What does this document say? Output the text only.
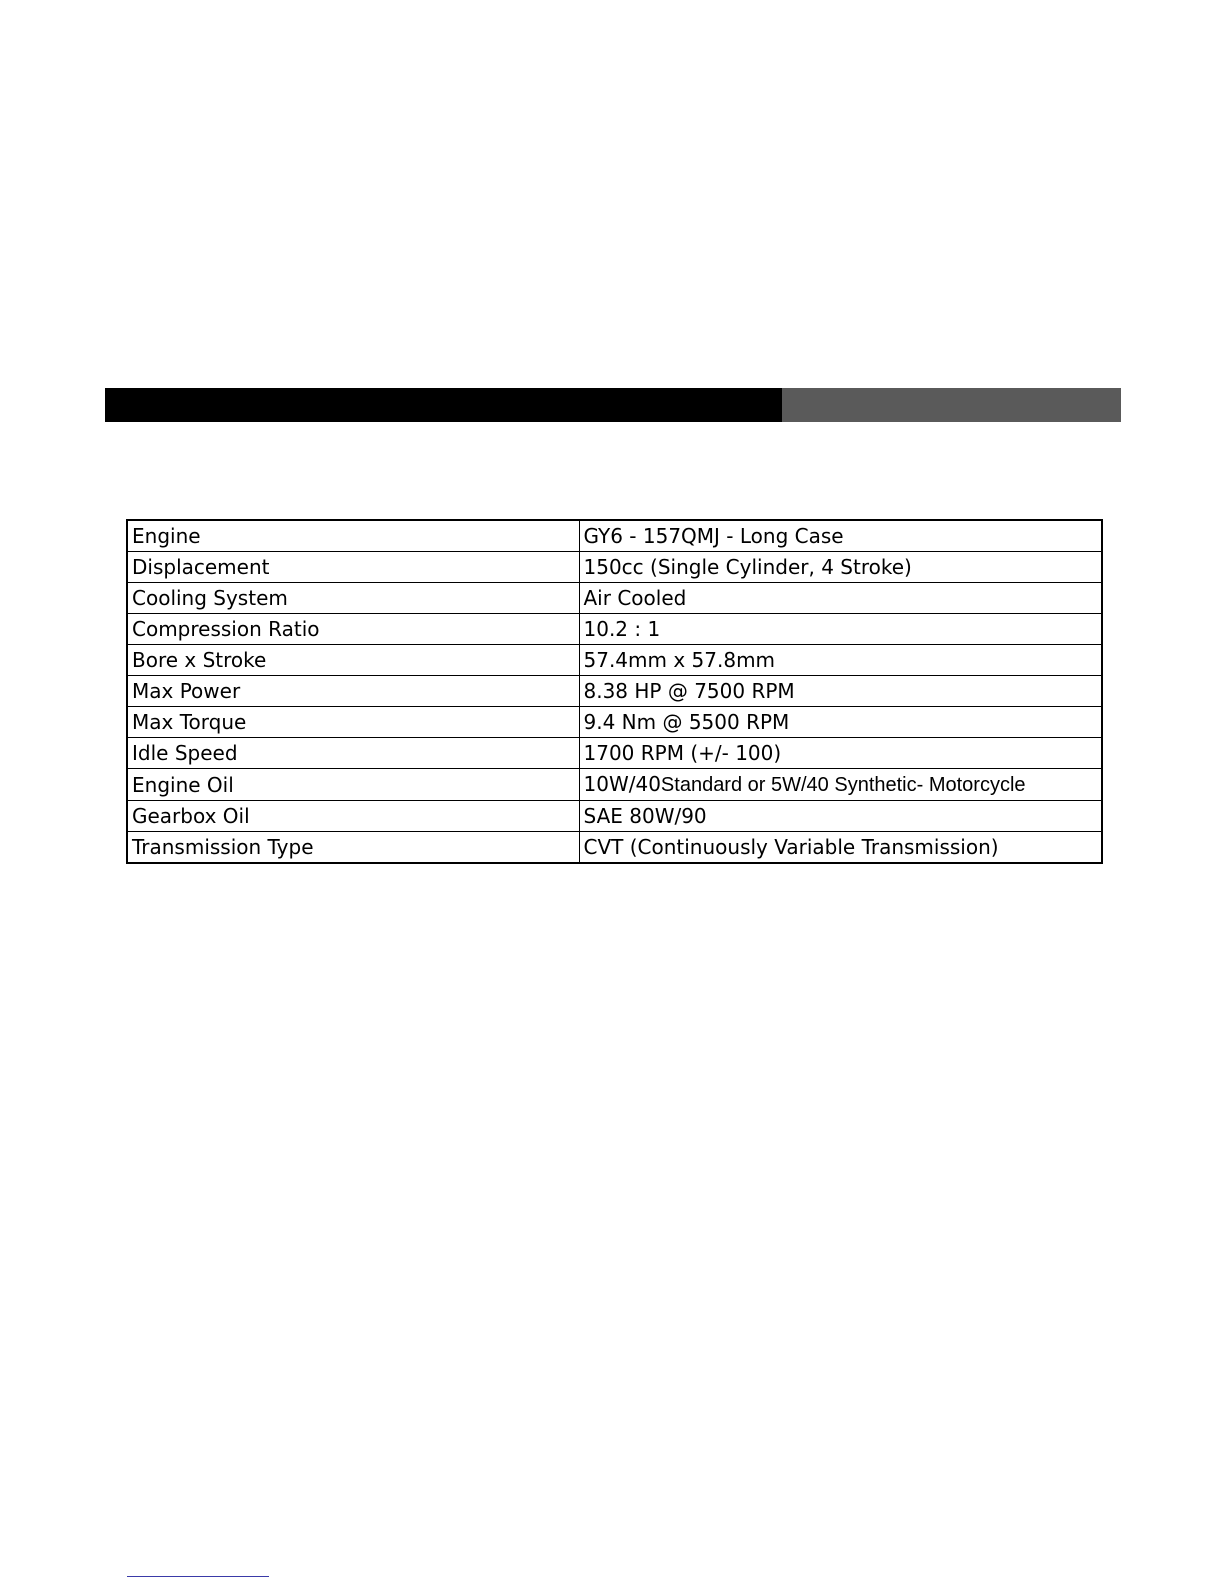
Engine	GY6 - 157QMJ - Long Case
Displacement	150cc (Single Cylinder, 4 Stroke)
Cooling System	Air Cooled
Compression Ratio	10.2 : 1
Bore x Stroke	57.4mm x 57.8mm
Max Power	8.38 HP @ 7500 RPM
Max Torque	9.4 Nm @ 5500 RPM
Idle Speed	1700 RPM (+/- 100)
Engine Oil	10W/40Standard or 5W/40 Synthetic- Motorcycle
Gearbox Oil	SAE 80W/90
Transmission Type	CVT (Continuously Variable Transmission)
